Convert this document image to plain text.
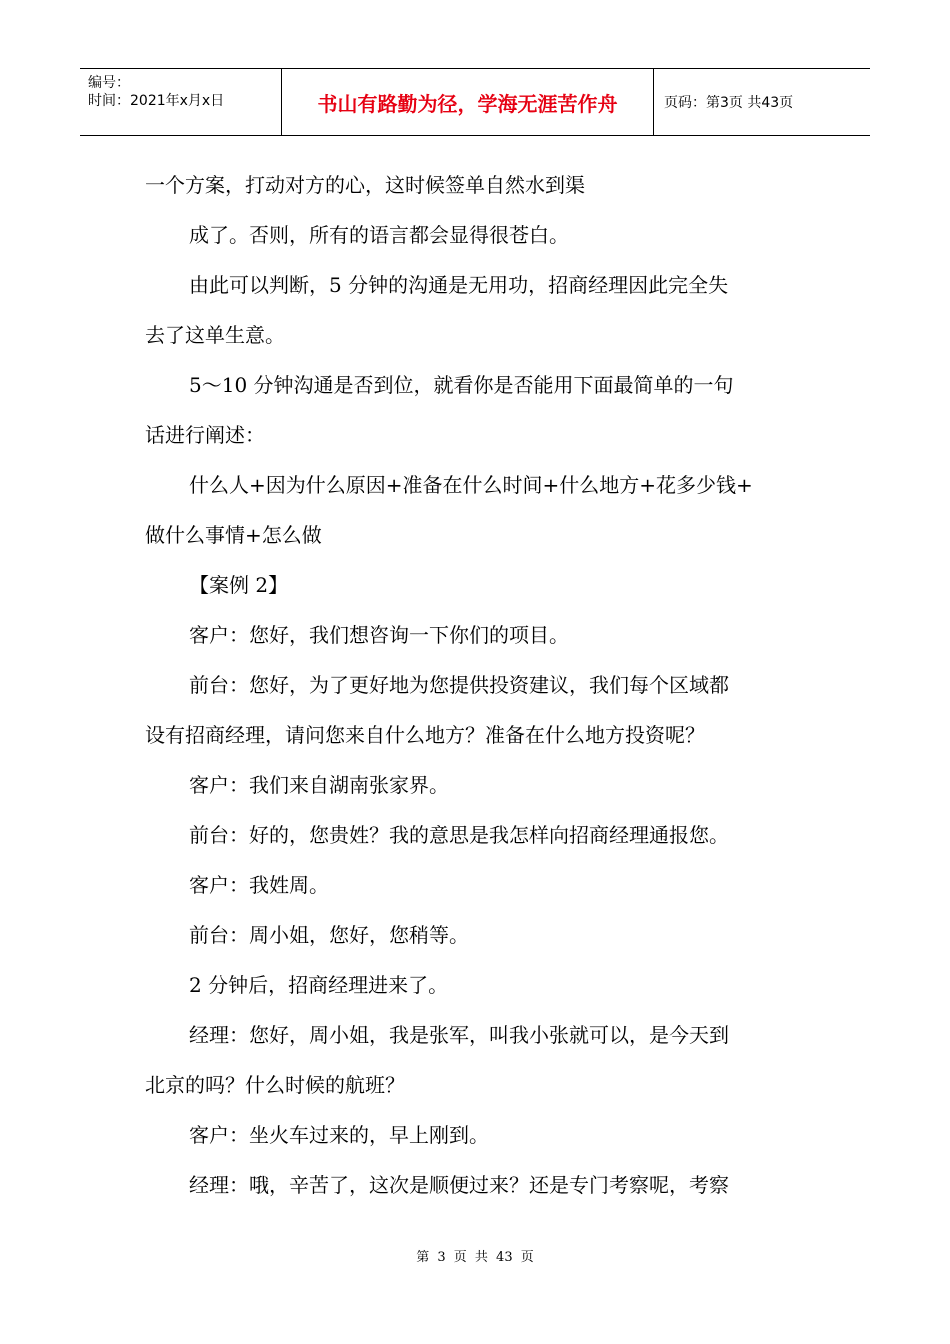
编号：
时间：2021年x月x日	书山有路勤为径，学海无涯苦作舟	页码：第3页 共43页

一个方案，打动对方的心，这时候签单自然水到渠

成了。否则，所有的语言都会显得很苍白。

由此可以判断，5 分钟的沟通是无用功，招商经理因此完全失

去了这单生意。

5～10 分钟沟通是否到位，就看你是否能用下面最简单的一句

话进行阐述：

什么人+因为什么原因+准备在什么时间+什么地方+花多少钱+

做什么事情+怎么做

【案例 2】

客户：您好，我们想咨询一下你们的项目。

前台：您好，为了更好地为您提供投资建议，我们每个区域都

设有招商经理，请问您来自什么地方？准备在什么地方投资呢？

客户：我们来自湖南张家界。

前台：好的，您贵姓？我的意思是我怎样向招商经理通报您。

客户：我姓周。

前台：周小姐，您好，您稍等。

2 分钟后，招商经理进来了。

经理：您好，周小姐，我是张军，叫我小张就可以，是今天到

北京的吗？什么时候的航班？

客户：坐火车过来的，早上刚到。

经理：哦，辛苦了，这次是顺便过来？还是专门考察呢，考察

第 3 页 共 43 页
